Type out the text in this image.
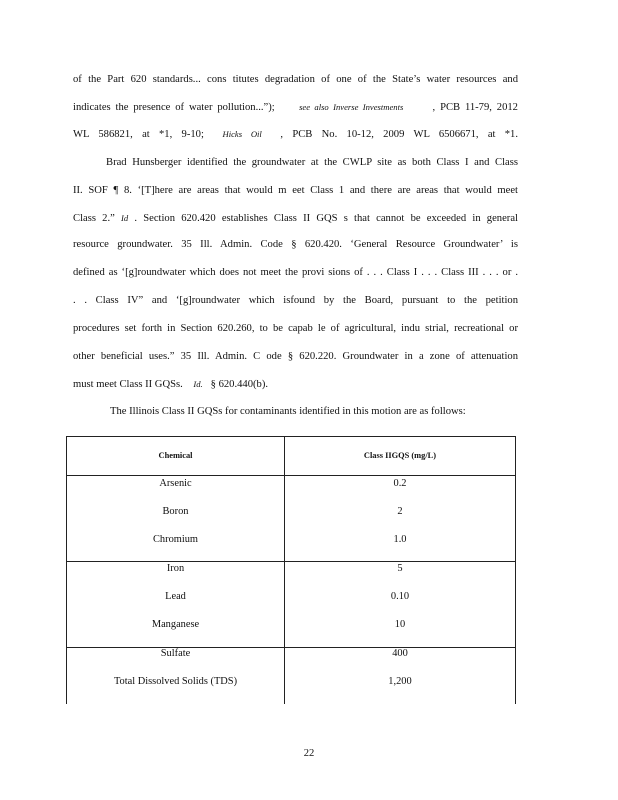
of the Part 620 standards... cons titutes degradation of one of the State’s water resources and
indicates the presence of water pollution...”);	see also Inverse Investments	, PCB 11-79, 2012
WL 586821, at *1, 9-10; Hicks Oil , PCB No. 10-12, 2009 WL 6506671, at *1.
Brad Hunsberger identified the groundwater at the CWLP site as both Class I and Class
II. SOF ¶ 8. ‘[T]here are areas that would m eet Class 1 and there are areas that would meet
Class 2.” Id . Section 620.420 establishes Class II GQS s that cannot be exceeded in general
resource groundwater. 35 Ill. Admin. Code § 620.420. ‘General Resource Groundwater’ is
defined as ‘[g]roundwater which does not meet the provi sions of . . . Class I . . . Class III . . . or .
. . Class IV” and ‘[g]roundwater which isfound by the Board, pursuant to the petition
procedures set forth in Section 620.260, to be capab le of agricultural, indu strial, recreational or
other beneficial uses.” 35 Ill. Admin. C ode § 620.220. Groundwater in a zone of attenuation
must meet Class II GQSs. Id. § 620.440(b).
The Illinois Class II GQSs for contaminants identified in this motion are as follows:
Chemical	Class IIGQS (mg/L)
Arsenic	0.2
Boron	2
Chromium	1.0
Iron	5
Lead	0.10
Manganese	10
Sulfate	400
Total Dissolved Solids (TDS)	1,200
22
